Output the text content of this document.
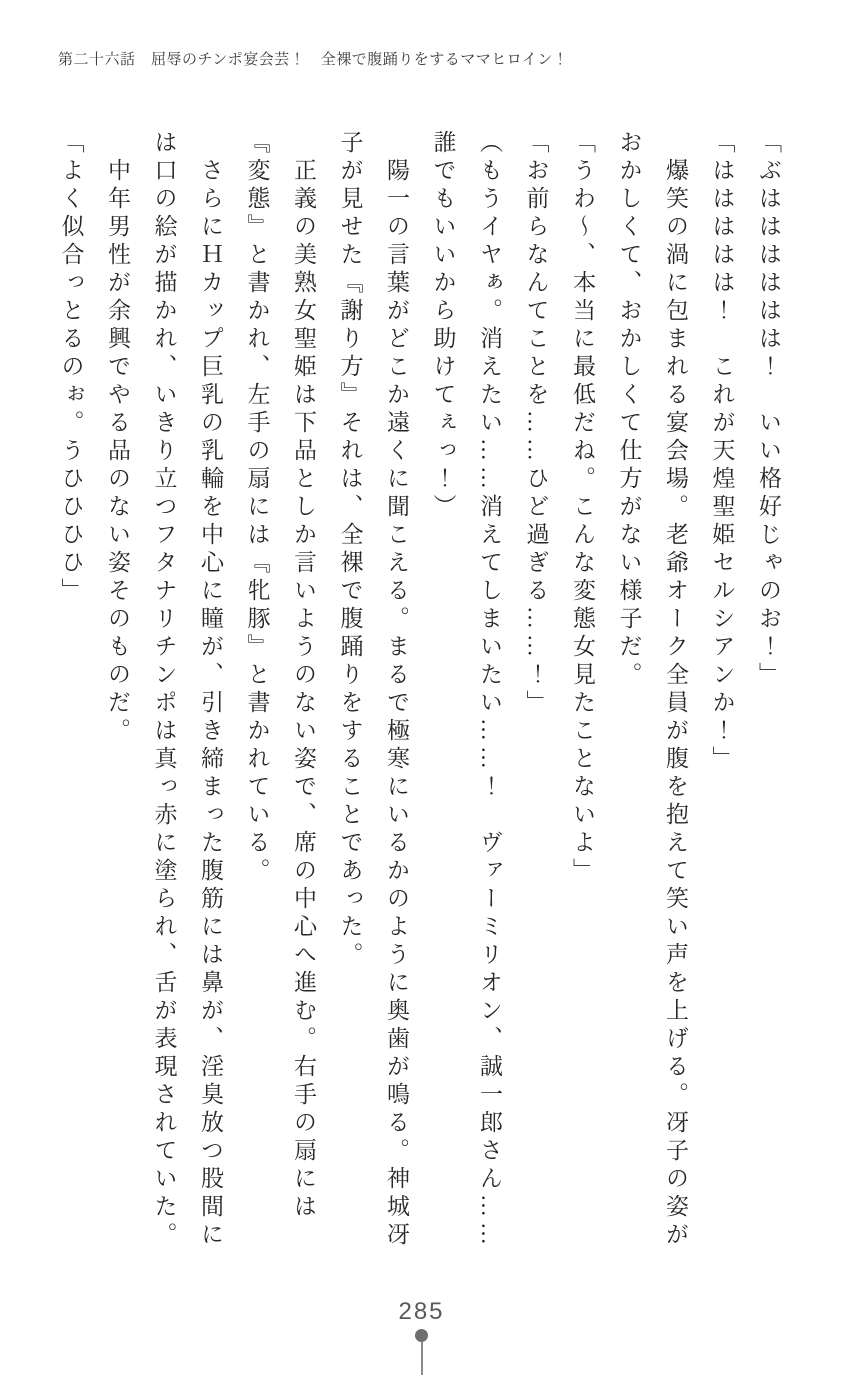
第二十六話　屈辱のチンポ宴会芸！　全裸で腹踊りをするママヒロイン！

「ぶはははははは！　いい格好じゃのお！」

「ははははは！　これが天煌聖姫セルシアンか！」

爆笑の渦に包まれる宴会場。老爺オーク全員が腹を抱えて笑い声を上げる。冴子の姿がおかしくて、おかしくて仕方がない様子だ。

「うわ～、本当に最低だね。こんな変態女見たことないよ」

「お前らなんてことを……ひど過ぎる……！」

（もうイヤぁ。消えたい……消えてしまいたい……！　ヴァーミリオン、誠一郎さん……誰でもいいから助けてぇっ！）

陽一の言葉がどこか遠くに聞こえる。まるで極寒にいるかのように奥歯が鳴る。神城冴子が見せた『謝り方』それは、全裸で腹踊りをすることであった。

正義の美熟女聖姫は下品としか言いようのない姿で、席の中心へ進む。右手の扇には『変態』と書かれ、左手の扇には『牝豚』と書かれている。

さらにＨカップ巨乳の乳輪を中心に瞳が、引き締まった腹筋には鼻が、淫臭放つ股間には口の絵が描かれ、いきり立つフタナリチンポは真っ赤に塗られ、舌が表現されていた。

中年男性が余興でやる品のない姿そのものだ。

「よく似合っとるのぉ。うひひひひ」

285
